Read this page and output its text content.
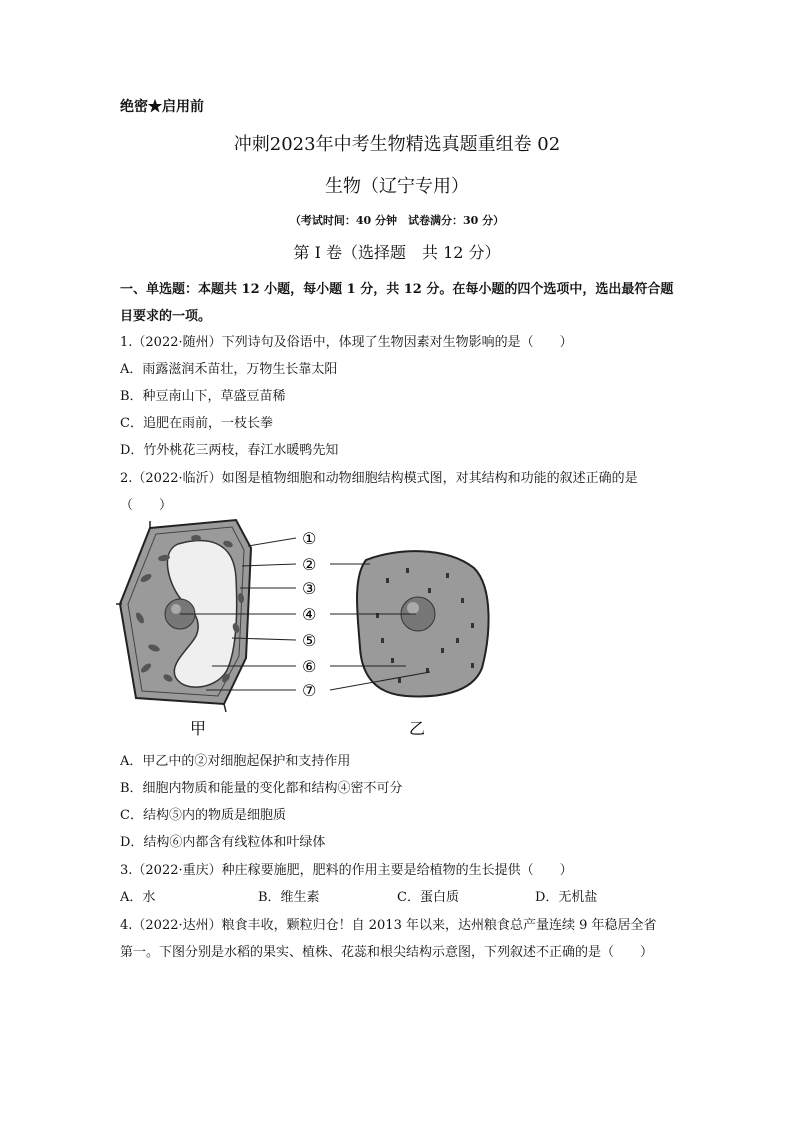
绝密★启用前
冲刺2023年中考生物精选真题重组卷 02
生物（辽宁专用）
（考试时间：40 分钟　试卷满分：30 分）
第 I 卷（选择题　共 12 分）
一、单选题：本题共 12 小题，每小题 1 分，共 12 分。在每小题的四个选项中，选出最符合题目要求的一项。
1.（2022·随州）下列诗句及俗语中，体现了生物因素对生物影响的是（　　）
A．雨露滋润禾苗壮，万物生长靠太阳
B．种豆南山下，草盛豆苗稀
C．追肥在雨前，一枝长拳
D．竹外桃花三两枝，春江水暖鸭先知
2.（2022·临沂）如图是植物细胞和动物细胞结构模式图，对其结构和功能的叙述正确的是
（　　）
①
②
③
④
⑤
⑥
⑦
甲	乙
A．甲乙中的②对细胞起保护和支持作用
B．细胞内物质和能量的变化都和结构④密不可分
C．结构⑤内的物质是细胞质
D．结构⑥内都含有线粒体和叶绿体
3.（2022·重庆）种庄稼要施肥，肥料的作用主要是给植物的生长提供（　　）
A．水	B．维生素	C．蛋白质	D．无机盐
4.（2022·达州）粮食丰收，颗粒归仓！自 2013 年以来，达州粮食总产量连续 9 年稳居全省
第一。下图分别是水稻的果实、植株、花蕊和根尖结构示意图，下列叙述不正确的是（　　）
